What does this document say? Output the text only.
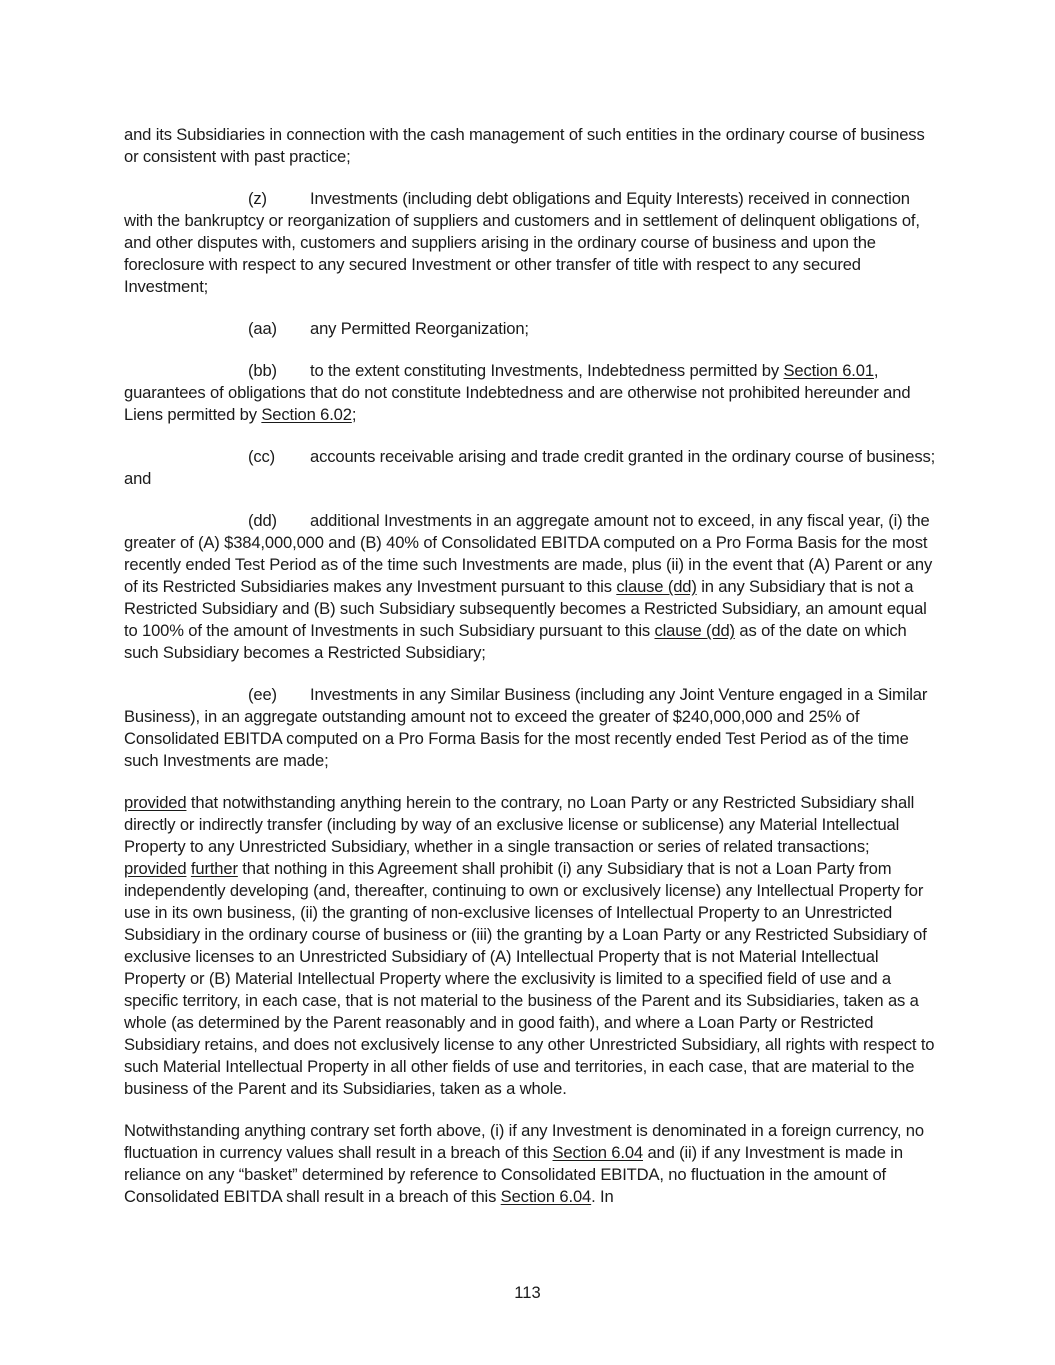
and its Subsidiaries in connection with the cash management of such entities in the ordinary course of business or consistent with past practice;

(z)	Investments (including debt obligations and Equity Interests) received in connection with the bankruptcy or reorganization of suppliers and customers and in settlement of delinquent obligations of, and other disputes with, customers and suppliers arising in the ordinary course of business and upon the foreclosure with respect to any secured Investment or other transfer of title with respect to any secured Investment;

(aa) any Permitted Reorganization;

(bb) to the extent constituting Investments, Indebtedness permitted by Section 6.01, guarantees of obligations that do not constitute Indebtedness and are otherwise not prohibited hereunder and Liens permitted by Section 6.02;

(cc) accounts receivable arising and trade credit granted in the ordinary course of business; and

(dd) additional Investments in an aggregate amount not to exceed, in any fiscal year, (i) the greater of (A) $384,000,000 and (B) 40% of Consolidated EBITDA computed on a Pro Forma Basis for the most recently ended Test Period as of the time such Investments are made, plus (ii) in the event that (A) Parent or any of its Restricted Subsidiaries makes any Investment pursuant to this clause (dd) in any Subsidiary that is not a Restricted Subsidiary and (B) such Subsidiary subsequently becomes a Restricted Subsidiary, an amount equal to 100% of the amount of Investments in such Subsidiary pursuant to this clause (dd) as of the date on which such Subsidiary becomes a Restricted Subsidiary;

(ee) Investments in any Similar Business (including any Joint Venture engaged in a Similar Business), in an aggregate outstanding amount not to exceed the greater of $240,000,000 and 25% of Consolidated EBITDA computed on a Pro Forma Basis for the most recently ended Test Period as of the time such Investments are made;

provided that notwithstanding anything herein to the contrary, no Loan Party or any Restricted Subsidiary shall directly or indirectly transfer (including by way of an exclusive license or sublicense) any Material Intellectual Property to any Unrestricted Subsidiary, whether in a single transaction or series of related transactions; provided further that nothing in this Agreement shall prohibit (i) any Subsidiary that is not a Loan Party from independently developing (and, thereafter, continuing to own or exclusively license) any Intellectual Property for use in its own business, (ii) the granting of non-exclusive licenses of Intellectual Property to an Unrestricted Subsidiary in the ordinary course of business or (iii) the granting by a Loan Party or any Restricted Subsidiary of exclusive licenses to an Unrestricted Subsidiary of (A) Intellectual Property that is not Material Intellectual Property or (B) Material Intellectual Property where the exclusivity is limited to a specified field of use and a specific territory, in each case, that is not material to the business of the Parent and its Subsidiaries, taken as a whole (as determined by the Parent reasonably and in good faith), and where a Loan Party or Restricted Subsidiary retains, and does not exclusively license to any other Unrestricted Subsidiary, all rights with respect to such Material Intellectual Property in all other fields of use and territories, in each case, that are material to the business of the Parent and its Subsidiaries, taken as a whole.

Notwithstanding anything contrary set forth above, (i) if any Investment is denominated in a foreign currency, no fluctuation in currency values shall result in a breach of this Section 6.04 and (ii) if any Investment is made in reliance on any “basket” determined by reference to Consolidated EBITDA, no fluctuation in the amount of Consolidated EBITDA shall result in a breach of this Section 6.04. In

113
